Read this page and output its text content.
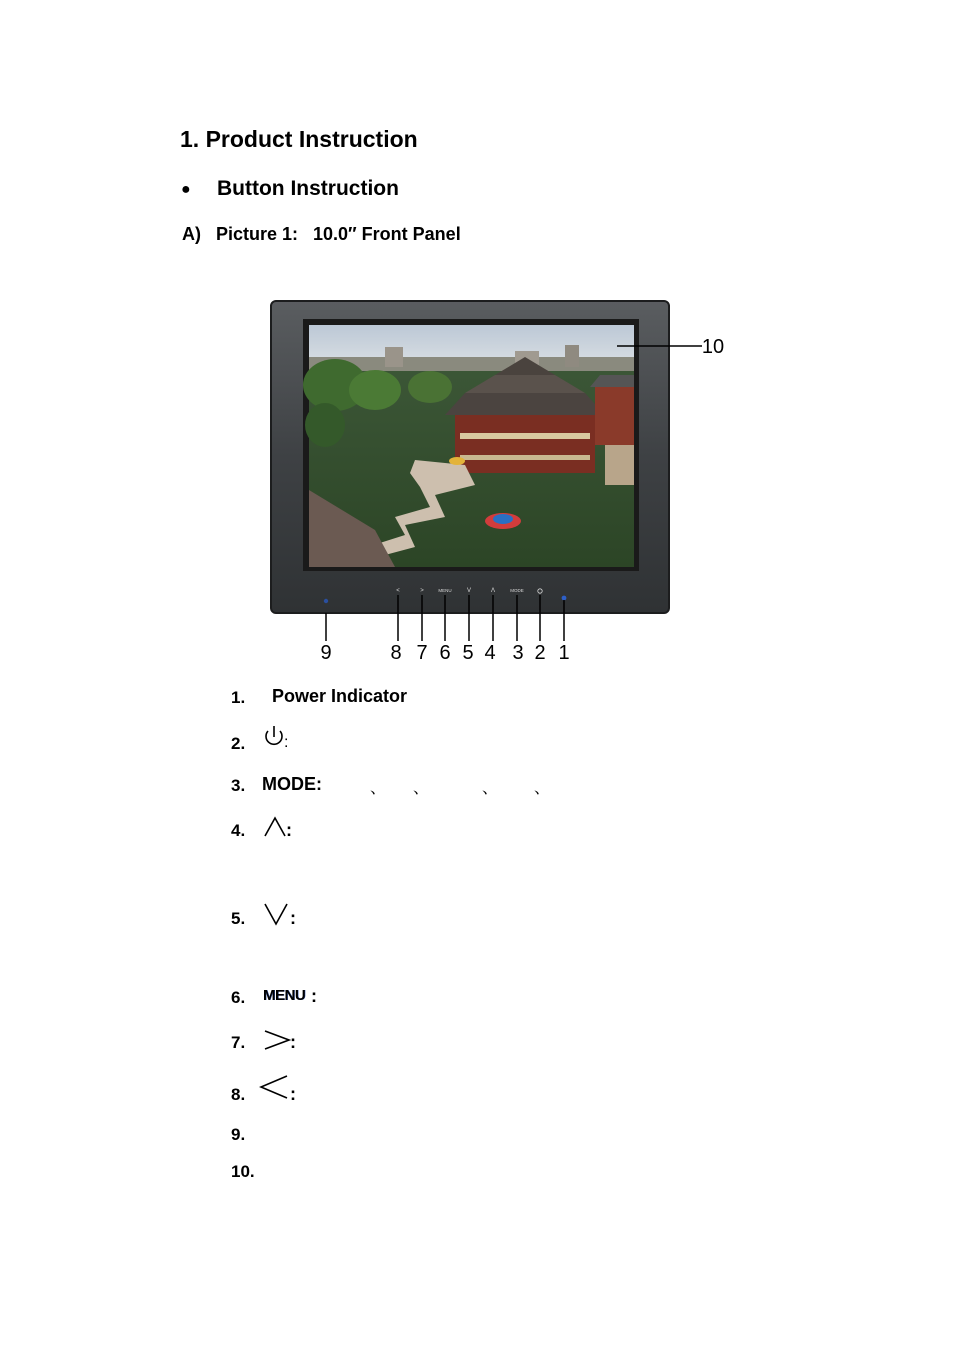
1. Product Instruction
● Button Instruction
A)   Picture 1:   10.0″ Front Panel
<	>	MENU	V	Λ	MODE
9	8 7 6 5 4 3 2 1
10
1. Power Indicator
2. :
3. MODE:	、 、	、 、
4. :
5. :
6. MENU :
7. :
8. :
9.
10.
